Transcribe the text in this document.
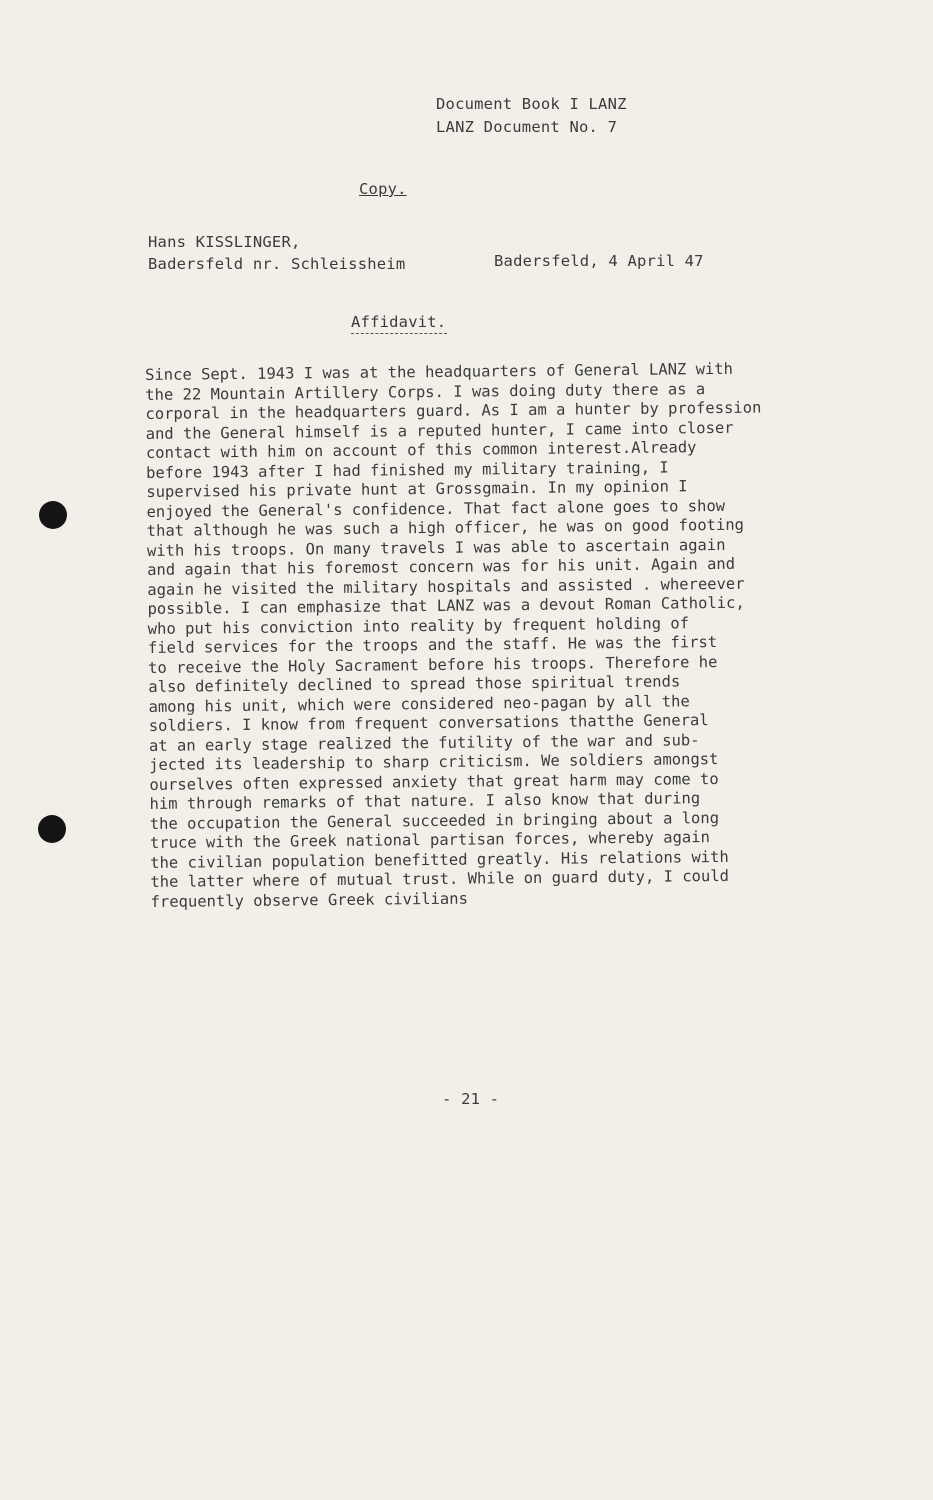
Document Book I LANZ
LANZ Document No. 7
Copy.
Hans KISSLINGER,
Badersfeld nr. Schleissheim	Badersfeld, 4 April 47
Affidavit.
Since Sept. 1943 I was at the headquarters of General LANZ with
the 22 Mountain Artillery Corps. I was doing duty there as a
corporal in the headquarters guard. As I am a hunter by profession
and the General himself is a reputed hunter, I came into closer
contact with him on account of this common interest.Already
before 1943 after I had finished my military training, I
supervised his private hunt at Grossgmain. In my opinion I
enjoyed the General's confidence. That fact alone goes to show
that although he was such a high officer, he was on good footing
with his troops. On many travels I was able to ascertain again
and again that his foremost concern was for his unit. Again and
again he visited the military hospitals and assisted . whereever
possible. I can emphasize that LANZ was a devout Roman Catholic,
who put his conviction into reality by frequent holding of
field services for the troops and the staff. He was the first
to receive the Holy Sacrament before his troops. Therefore he
also definitely declined to spread those spiritual trends
among his unit, which were considered neo-pagan by all the
soldiers. I know from frequent conversations thatthe General
at an early stage realized the futility of the war and sub-
jected its leadership to sharp criticism. We soldiers amongst
ourselves often expressed anxiety that great harm may come to
him through remarks of that nature. I also know that during
the occupation the General succeeded in bringing about a long
truce with the Greek national partisan forces, whereby again
the civilian population benefitted greatly. His relations with
the latter where of mutual trust. While on guard duty, I could
frequently observe Greek civilians
- 21 -
